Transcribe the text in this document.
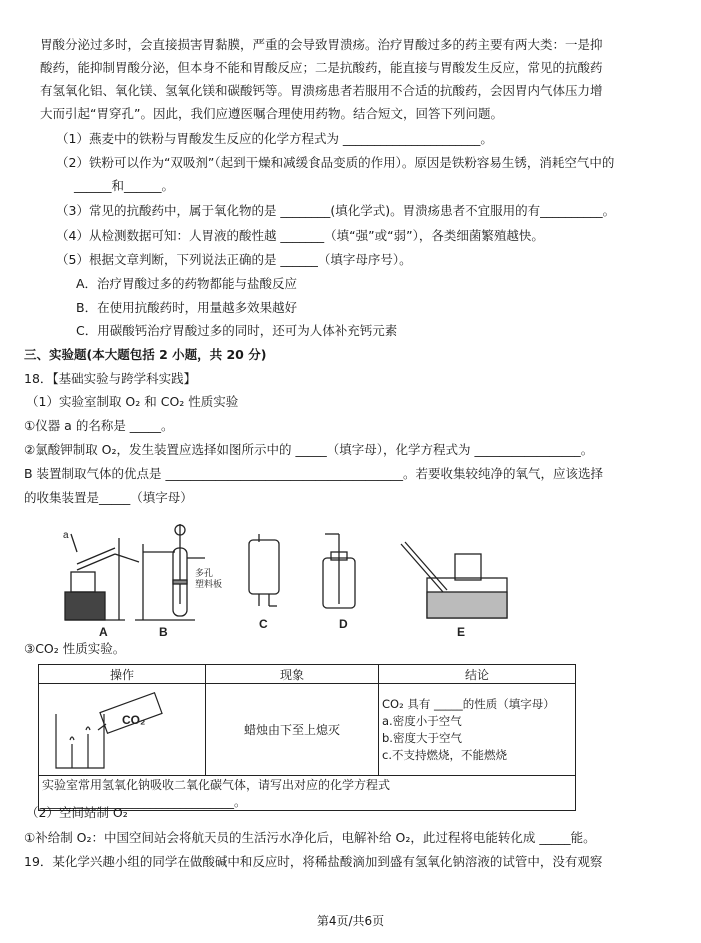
胃酸分泌过多时，会直接损害胃黏膜，严重的会导致胃溃疡。治疗胃酸过多的药主要有两大类：一是抑
酸药，能抑制胃酸分泌，但本身不能和胃酸反应；二是抗酸药，能直接与胃酸发生反应，常见的抗酸药
有氢氧化铝、氧化镁、氢氧化镁和碳酸钙等。胃溃疡患者若服用不合适的抗酸药，会因胃内气体压力增
大而引起“胃穿孔”。因此，我们应遵医嘱合理使用药物。结合短文，回答下列问题。
（1）燕麦中的铁粉与胃酸发生反应的化学方程式为 ______________________。
（2）铁粉可以作为“双吸剂”（起到干燥和减缓食品变质的作用）。原因是铁粉容易生锈，消耗空气中的
______和______。
（3）常见的抗酸药中，属于氧化物的是 ________(填化学式)。胃溃疡患者不宜服用的有__________。
（4）从检测数据可知：人胃液的酸性越 _______（填“强”或“弱”），各类细菌繁殖越快。
（5）根据文章判断，下列说法正确的是 ______（填字母序号）。
A．治疗胃酸过多的药物都能与盐酸反应
B．在使用抗酸药时，用量越多效果越好
C．用碳酸钙治疗胃酸过多的同时，还可为人体补充钙元素
三、实验题(本大题包括 2 小题，共 20 分)
18．【基础实验与跨学科实践】
（1）实验室制取 O₂ 和 CO₂ 性质实验
①仪器 a 的名称是 _____。
②氯酸钾制取 O₂，发生装置应选择如图所示中的 _____（填字母），化学方程式为 _________________。
B 装置制取气体的优点是 ______________________________________。若要收集较纯净的氧气，应该选择
的收集装置是_____（填字母）
a
多孔
塑料板
A	B
C	D
E
③CO₂ 性质实验。
操作	现象	结论

CO₂	蜡烛由下至上熄灭	CO₂ 具有 _____的性质（填字母）
a.密度小于空气
b.密度大于空气
c.不支持燃烧，不能燃烧

实验室常用氢氧化钠吸收二氧化碳气体，请写出对应的化学方程式________________________________。		
（2）空间站制 O₂
①补给制 O₂：中国空间站会将航天员的生活污水净化后，电解补给 O₂，此过程将电能转化成 _____能。
19．某化学兴趣小组的同学在做酸碱中和反应时，将稀盐酸滴加到盛有氢氧化钠溶液的试管中，没有观察
第4页/共6页
